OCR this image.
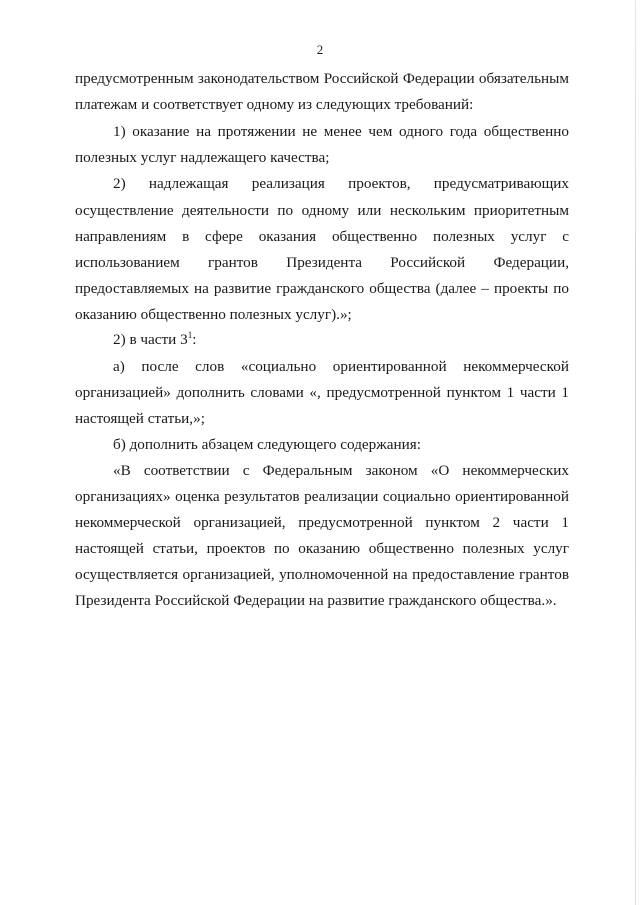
2
предусмотренным законодательством Российской Федерации обязательным
платежам и соответствует одному из следующих требований:
1) оказание на протяжении не менее чем одного года общественно
полезных услуг надлежащего качества;
2) надлежащая реализация проектов, предусматривающих
осуществление деятельности по одному или нескольким приоритетным
направлениям в сфере оказания общественно полезных услуг с
использованием грантов Президента Российской Федерации,
предоставляемых на развитие гражданского общества (далее – проекты по
оказанию общественно полезных услуг).»;
2) в части $3^1$:
а) после слов «социально ориентированной некоммерческой
организацией» дополнить словами «, предусмотренной пунктом 1 части 1
настоящей статьи,»;
б) дополнить абзацем следующего содержания:
«В соответствии с Федеральным законом «О некоммерческих
организациях» оценка результатов реализации социально ориентированной
некоммерческой организацией, предусмотренной пунктом 2 части 1
настоящей статьи, проектов по оказанию общественно полезных услуг
осуществляется организацией, уполномоченной на предоставление грантов
Президента Российской Федерации на развитие гражданского общества.».
